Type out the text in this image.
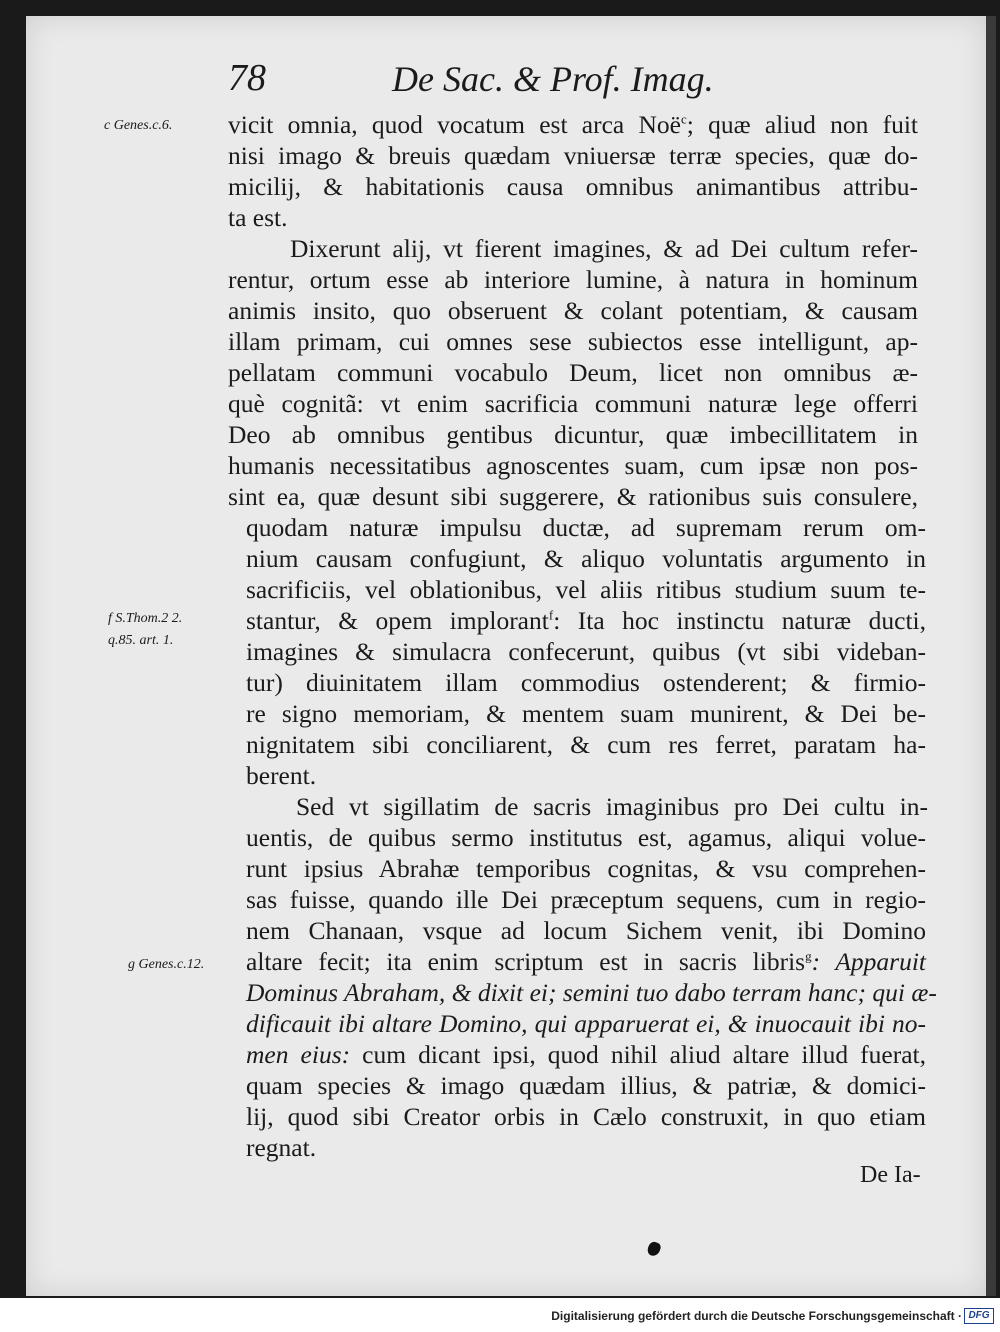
78	De Sac. & Prof. Imag.
c Genes.c.6.
f S.Thom.2 2.
q.85. art. 1.
g Genes.c.12.
vicit omnia, quod vocatum est arca Noë$^c$; quæ aliud non fuit
nisi imago & breuis quædam vniuersæ terræ species, quæ do-
micilij, & habitationis causa omnibus animantibus attribu-
ta est.
Dixerunt alij, vt fierent imagines, & ad Dei cultum refer-
rentur, ortum esse ab interiore lumine, à natura in hominum
animis insito, quo obseruent & colant potentiam, & causam
illam primam, cui omnes sese subiectos esse intelligunt, ap-
pellatam communi vocabulo Deum, licet non omnibus æ-
què cognitã: vt enim sacrificia communi naturæ lege offerri
Deo ab omnibus gentibus dicuntur, quæ imbecillitatem in
humanis necessitatibus agnoscentes suam, cum ipsæ non pos-
sint ea, quæ desunt sibi suggerere, & rationibus suis consulere,
quodam naturæ impulsu ductæ, ad supremam rerum om-
nium causam confugiunt, & aliquo voluntatis argumento in
sacrificiis, vel oblationibus, vel aliis ritibus studium suum te-
stantur, & opem implorant$^f$: Ita hoc instinctu naturæ ducti,
imagines & simulacra confecerunt, quibus (vt sibi videban-
tur) diuinitatem illam commodius ostenderent; & firmio-
re signo memoriam, & mentem suam munirent, & Dei be-
nignitatem sibi conciliarent, & cum res ferret, paratam ha-
berent.
Sed vt sigillatim de sacris imaginibus pro Dei cultu in-
uentis, de quibus sermo institutus est, agamus, aliqui volue-
runt ipsius Abrahæ temporibus cognitas, & vsu comprehen-
sas fuisse, quando ille Dei præceptum sequens, cum in regio-
nem Chanaan, vsque ad locum Sichem venit, ibi Domino
altare fecit; ita enim scriptum est in sacris libris$^g$: Apparuit
Dominus Abraham, & dixit ei; semini tuo dabo terram hanc; qui æ-
dificauit ibi altare Domino, qui apparuerat ei, & inuocauit ibi no-
men eius: cum dicant ipsi, quod nihil aliud altare illud fuerat,
quam species & imago quædam illius, & patriæ, & domici-
lij, quod sibi Creator orbis in Cælo construxit, in quo etiam
regnat.
De Ia-
Digitalisierung gefördert durch die Deutsche Forschungsgemeinschaft · DFG
